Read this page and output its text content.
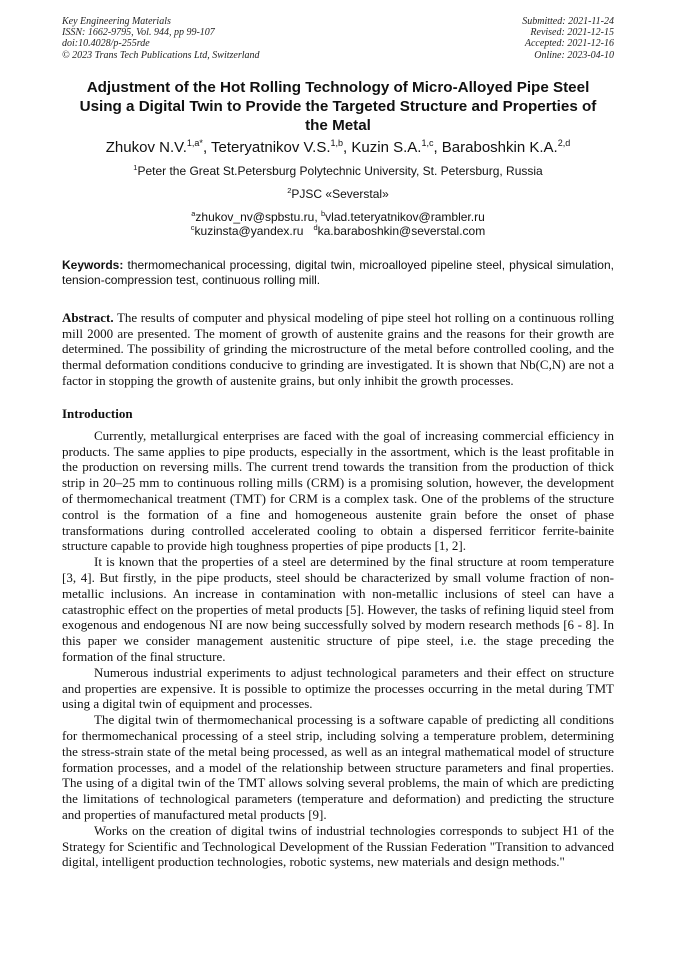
Key Engineering Materials
ISSN: 1662-9795, Vol. 944, pp 99-107
doi:10.4028/p-255rde
© 2023 Trans Tech Publications Ltd, Switzerland
Submitted: 2021-11-24
Revised: 2021-12-15
Accepted: 2021-12-16
Online: 2023-04-10
Adjustment of the Hot Rolling Technology of Micro-Alloyed Pipe Steel
Using a Digital Twin to Provide the Targeted Structure and Properties of
the Metal
Zhukov N.V.$^{1,a*}$, Teteryatnikov V.S.$^{1,b}$, Kuzin S.A.$^{1,c}$, Baraboshkin K.A.$^{2,d}$
$^1$Peter the Great St.Petersburg Polytechnic University, St. Petersburg, Russia
$^2$PJSC «Severstal»
$^a$zhukov_nv@spbstu.ru, $^b$vlad.teteryatnikov@rambler.ru
$^c$kuzinsta@yandex.ru $^d$ka.baraboshkin@severstal.com
Keywords: thermomechanical processing, digital twin, microalloyed pipeline steel, physical simulation, tension-compression test, continuous rolling mill.
Abstract. The results of computer and physical modeling of pipe steel hot rolling on a continuous rolling mill 2000 are presented. The moment of growth of austenite grains and the reasons for their growth are determined. The possibility of grinding the microstructure of the metal before controlled cooling, and the thermal deformation conditions conducive to grinding are investigated. It is shown that Nb(C,N) are not a factor in stopping the growth of austenite grains, but only inhibit the growth processes.
Introduction

Currently, metallurgical enterprises are faced with the goal of increasing commercial efficiency in products. The same applies to pipe products, especially in the assortment, which is the least profitable in the production on reversing mills. The current trend towards the transition from the production of thick strip in 20–25 mm to continuous rolling mills (CRM) is a promising solution, however, the development of thermomechanical treatment (TMT) for CRM is a complex task. One of the problems of the structure control is the formation of a fine and homogeneous austenite grain before the onset of phase transformations during controlled accelerated cooling to obtain a dispersed ferriticor ferrite-bainite structure capable to provide high toughness properties of pipe products [1, 2].

It is known that the properties of a steel are determined by the final structure at room temperature [3, 4]. But firstly, in the pipe products, steel should be characterized by small volume fraction of non-metallic inclusions. An increase in contamination with non-metallic inclusions of steel can have a catastrophic effect on the properties of metal products [5]. However, the tasks of refining liquid steel from exogenous and endogenous NI are now being successfully solved by modern research methods [6 - 8]. In this paper we consider management austenitic structure of pipe steel, i.e. the stage preceding the formation of the final structure.

Numerous industrial experiments to adjust technological parameters and their effect on structure and properties are expensive. It is possible to optimize the processes occurring in the metal during TMT using a digital twin of equipment and processes.

The digital twin of thermomechanical processing is a software capable of predicting all conditions for thermomechanical processing of a steel strip, including solving a temperature problem, determining the stress-strain state of the metal being processed, as well as an integral mathematical model of structure formation processes, and a model of the relationship between structure parameters and final properties. The using of a digital twin of the TMT allows solving several problems, the main of which are predicting the limitations of technological parameters (temperature and deformation) and predicting the structure and properties of manufactured metal products [9].

Works on the creation of digital twins of industrial technologies corresponds to subject H1 of the Strategy for Scientific and Technological Development of the Russian Federation "Transition to advanced digital, intelligent production technologies, robotic systems, new materials and design methods."
